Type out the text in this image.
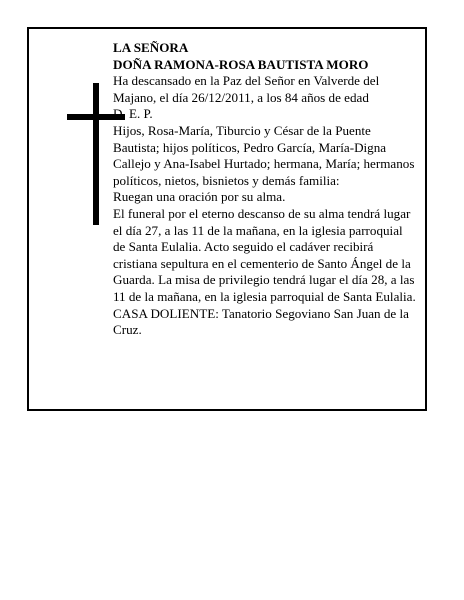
LA SEÑORA

DOÑA RAMONA-ROSA BAUTISTA MORO

Ha descansado en la Paz del Señor en Valverde del Majano, el día 26/12/2011, a los 84 años de edad

D. E. P.

Hijos, Rosa-María, Tiburcio y César de la Puente Bautista; hijos políticos, Pedro García, María-Digna Callejo y Ana-Isabel Hurtado; hermana, María; hermanos políticos, nietos, bisnietos y demás familia:

Ruegan una oración por su alma.

El funeral por el eterno descanso de su alma tendrá lugar el día 27, a las 11 de la mañana, en la iglesia parroquial de Santa Eulalia. Acto seguido el cadáver recibirá cristiana sepultura en el cementerio de Santo Ángel de la Guarda. La misa de privilegio tendrá lugar el día 28, a las 11 de la mañana, en la iglesia parroquial de Santa Eulalia.

CASA DOLIENTE: Tanatorio Segoviano San Juan de la Cruz.
